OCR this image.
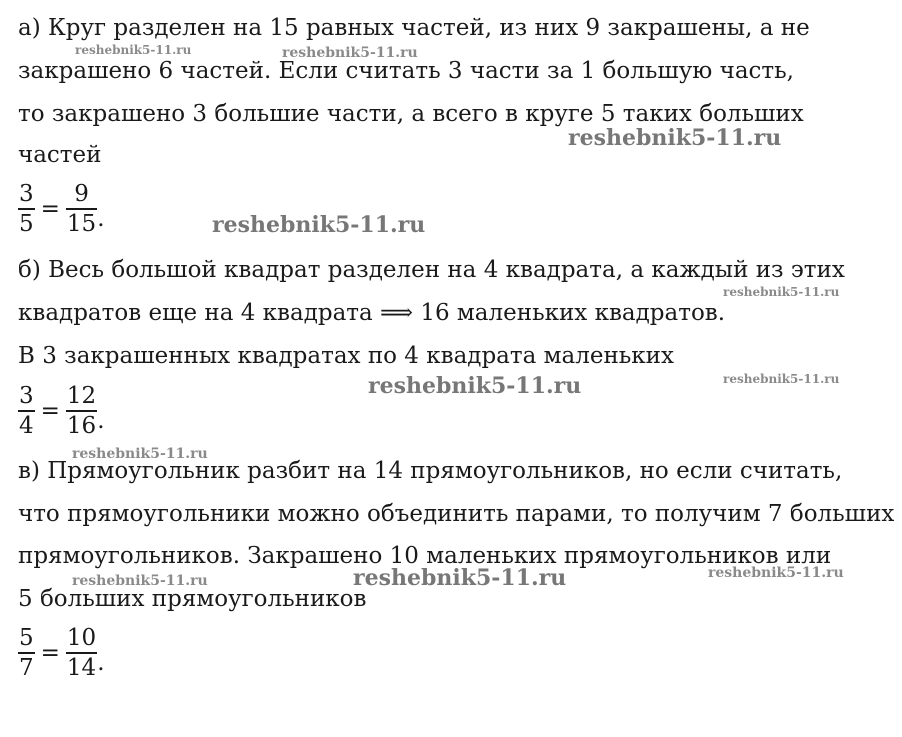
а) Круг разделен на 15 равных частей, из них 9 закрашены, а не
закрашено 6 частей. Если считать 3 части за 1 большую часть,
то закрашено 3 большие части, а всего в круге 5 таких больших
частей
$\frac{3}{5} = \frac{9}{15}$ .
б) Весь большой квадрат разделен на 4 квадрата, а каждый из этих
квадратов еще на 4 квадрата ⟹ 16 маленьких квадратов.
В 3 закрашенных квадратах по 4 квадрата маленьких
$\frac{3}{4} = \frac{12}{16}$ .
в) Прямоугольник разбит на 14 прямоугольников, но если считать,
что прямоугольники можно объединить парами, то получим 7 больших
прямоугольников. Закрашено 10 маленьких прямоугольников или
5 больших прямоугольников
$\frac{5}{7} = \frac{10}{14}$ .
reshebnik5-11.ru	reshebnik5-11.ru
reshebnik5-11.ru
reshebnik5-11.ru
reshebnik5-11.ru
reshebnik5-11.ru	reshebnik5-11.ru
reshebnik5-11.ru
reshebnik5-11.ru	reshebnik5-11.ru	reshebnik5-11.ru
